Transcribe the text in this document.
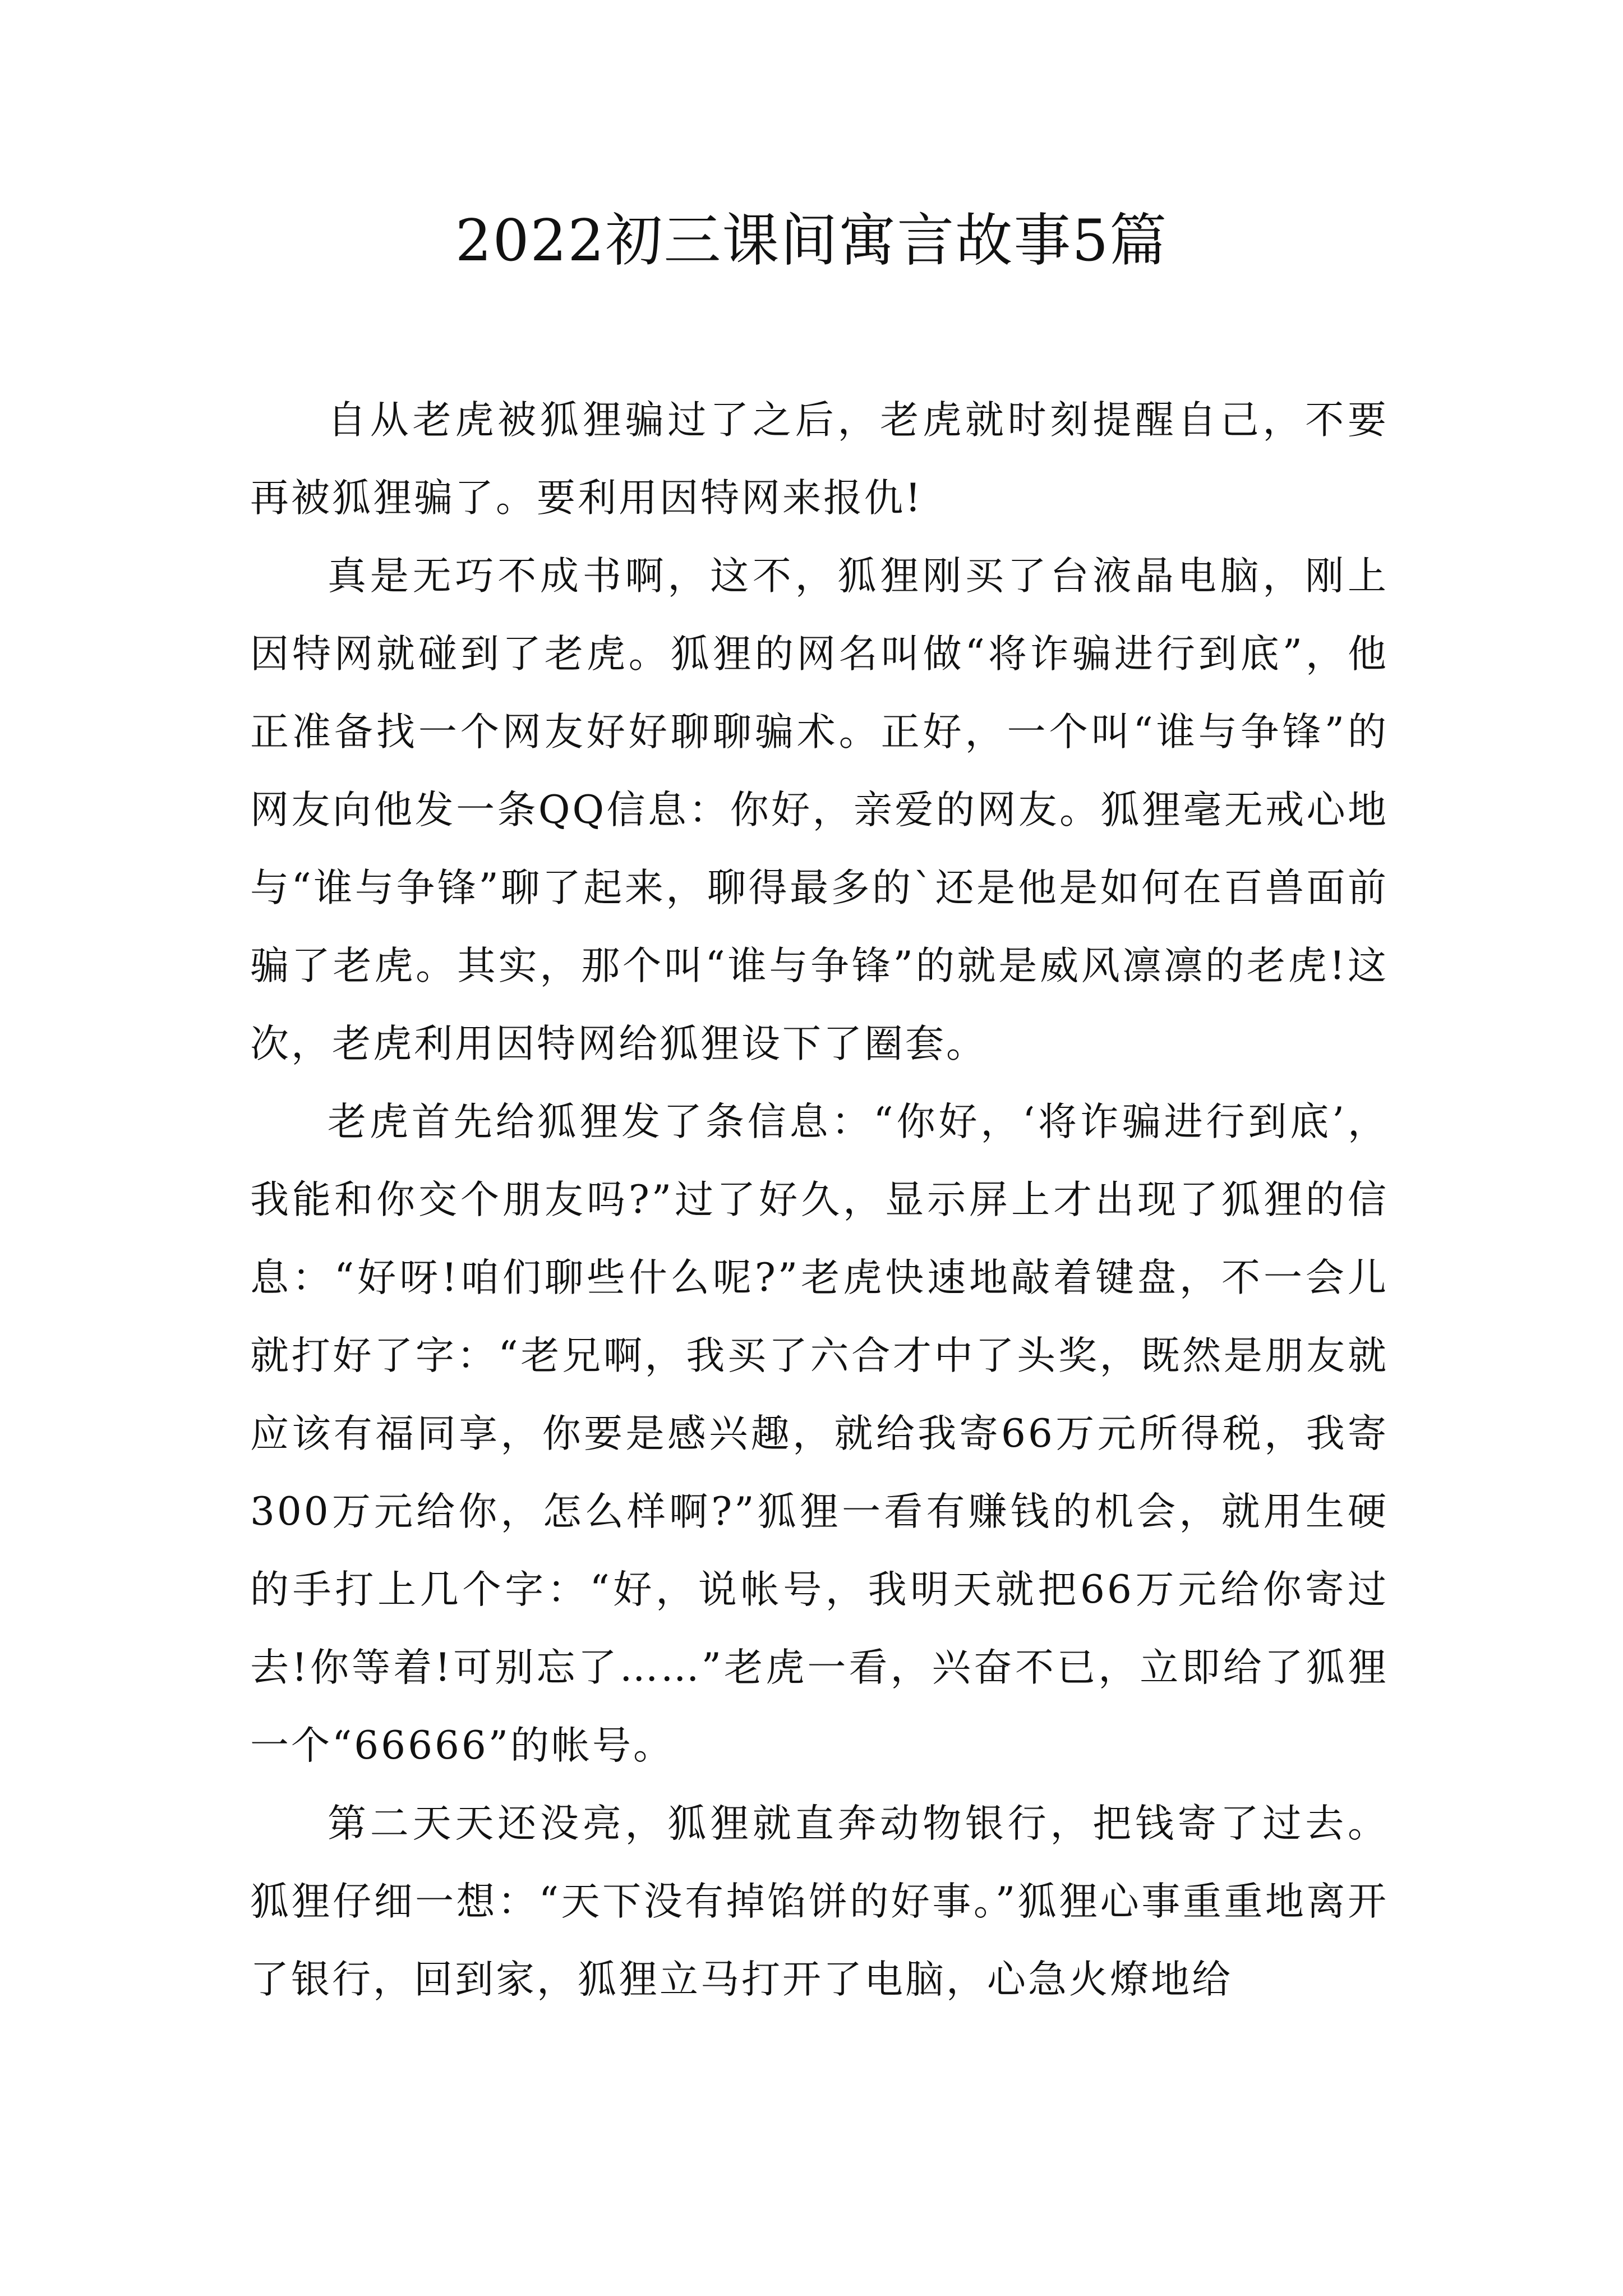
2022初三课间寓言故事5篇

自从老虎被狐狸骗过了之后，老虎就时刻提醒自己，不要再被狐狸骗了。要利用因特网来报仇!

真是无巧不成书啊，这不，狐狸刚买了台液晶电脑，刚上因特网就碰到了老虎。狐狸的网名叫做“将诈骗进行到底”，他正准备找一个网友好好聊聊骗术。正好，一个叫“谁与争锋”的网友向他发一条QQ信息：你好，亲爱的网友。狐狸毫无戒心地与“谁与争锋”聊了起来，聊得最多的`还是他是如何在百兽面前骗了老虎。其实，那个叫“谁与争锋”的就是威风凛凛的老虎!这次，老虎利用因特网给狐狸设下了圈套。

老虎首先给狐狸发了条信息：“你好，‘将诈骗进行到底’，我能和你交个朋友吗?”过了好久，显示屏上才出现了狐狸的信息：“好呀!咱们聊些什么呢?”老虎快速地敲着键盘，不一会儿就打好了字：“老兄啊，我买了六合才中了头奖，既然是朋友就应该有福同享，你要是感兴趣，就给我寄66万元所得税，我寄300万元给你，怎么样啊?”狐狸一看有赚钱的机会，就用生硬的手打上几个字：“好，说帐号，我明天就把66万元给你寄过去!你等着!可别忘了……”老虎一看，兴奋不已，立即给了狐狸一个“66666”的帐号。

第二天天还没亮，狐狸就直奔动物银行，把钱寄了过去。狐狸仔细一想：“天下没有掉馅饼的好事。”狐狸心事重重地离开了银行，回到家，狐狸立马打开了电脑，心急火燎地给
